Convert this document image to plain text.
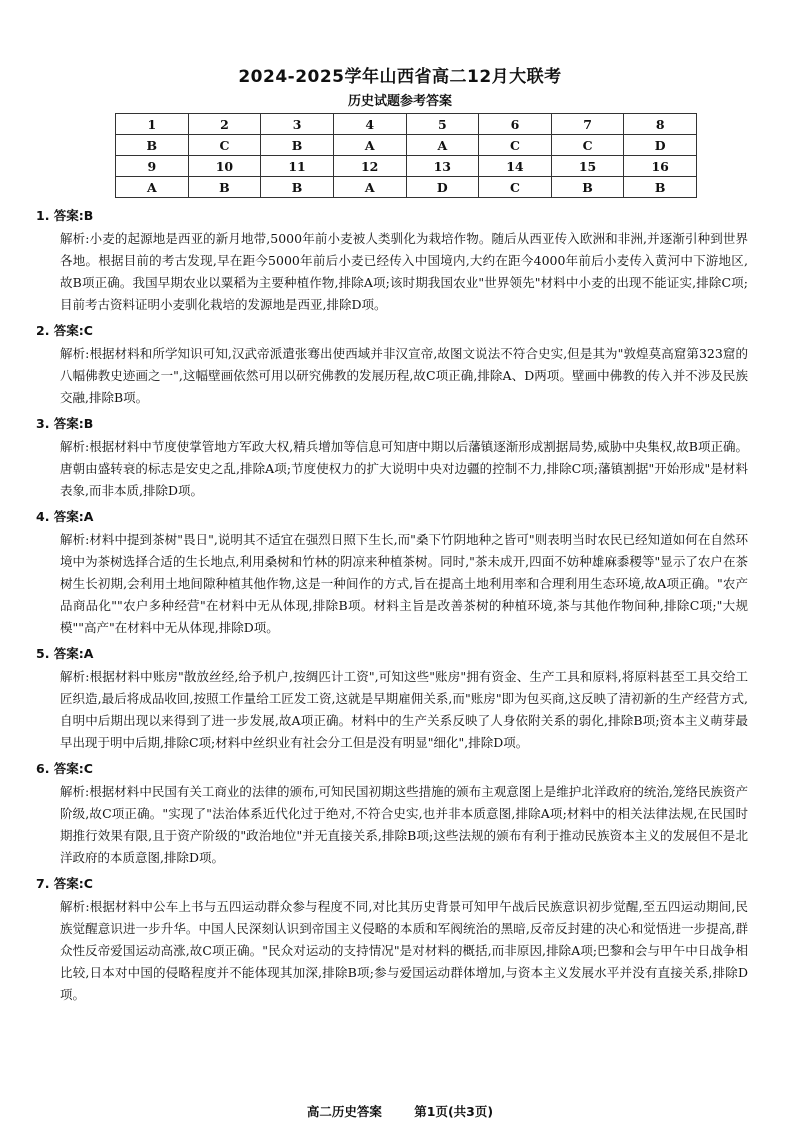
2024-2025学年山西省高二12月大联考
历史试题参考答案
1	2	3	4	5	6	7	8
B	C	B	A	A	C	C	D
9	10	11	12	13	14	15	16
A	B	B	A	D	C	B	B
1. 答案:B
解析:小麦的起源地是西亚的新月地带,5000年前小麦被人类驯化为栽培作物。随后从西亚传入欧洲和非洲,并逐渐引种到世界各地。根据目前的考古发现,早在距今5000年前后小麦已经传入中国境内,大约在距今4000年前后小麦传入黄河中下游地区,故B项正确。我国早期农业以粟稻为主要种植作物,排除A项;该时期我国农业"世界领先"材料中小麦的出现不能证实,排除C项;目前考古资料证明小麦驯化栽培的发源地是西亚,排除D项。
2. 答案:C
解析:根据材料和所学知识可知,汉武帝派遣张骞出使西域并非汉宣帝,故图文说法不符合史实,但是其为"敦煌莫高窟第323窟的八幅佛教史迹画之一",这幅壁画依然可用以研究佛教的发展历程,故C项正确,排除A、D两项。壁画中佛教的传入并不涉及民族交融,排除B项。
3. 答案:B
解析:根据材料中节度使掌管地方军政大权,精兵增加等信息可知唐中期以后藩镇逐渐形成割据局势,威胁中央集权,故B项正确。唐朝由盛转衰的标志是安史之乱,排除A项;节度使权力的扩大说明中央对边疆的控制不力,排除C项;藩镇割据"开始形成"是材料表象,而非本质,排除D项。
4. 答案:A
解析:材料中提到茶树"畏日",说明其不适宜在强烈日照下生长,而"桑下竹阴地种之皆可"则表明当时农民已经知道如何在自然环境中为茶树选择合适的生长地点,利用桑树和竹林的阴凉来种植茶树。同时,"茶未成开,四面不妨种雄麻黍稷等"显示了农户在茶树生长初期,会利用土地间隙种植其他作物,这是一种间作的方式,旨在提高土地利用率和合理利用生态环境,故A项正确。"农产品商品化""农户多种经营"在材料中无从体现,排除B项。材料主旨是改善茶树的种植环境,茶与其他作物间种,排除C项;"大规模""高产"在材料中无从体现,排除D项。
5. 答案:A
解析:根据材料中账房"散放丝经,给予机户,按绸匹计工资",可知这些"账房"拥有资金、生产工具和原料,将原料甚至工具交给工匠织造,最后将成品收回,按照工作量给工匠发工资,这就是早期雇佣关系,而"账房"即为包买商,这反映了清初新的生产经营方式,自明中后期出现以来得到了进一步发展,故A项正确。材料中的生产关系反映了人身依附关系的弱化,排除B项;资本主义萌芽最早出现于明中后期,排除C项;材料中丝织业有社会分工但是没有明显"细化",排除D项。
6. 答案:C
解析:根据材料中民国有关工商业的法律的颁布,可知民国初期这些措施的颁布主观意图上是维护北洋政府的统治,笼络民族资产阶级,故C项正确。"实现了"法治体系近代化过于绝对,不符合史实,也并非本质意图,排除A项;材料中的相关法律法规,在民国时期推行效果有限,且于资产阶级的"政治地位"并无直接关系,排除B项;这些法规的颁布有利于推动民族资本主义的发展但不是北洋政府的本质意图,排除D项。
7. 答案:C
解析:根据材料中公车上书与五四运动群众参与程度不同,对比其历史背景可知甲午战后民族意识初步觉醒,至五四运动期间,民族觉醒意识进一步升华。中国人民深刻认识到帝国主义侵略的本质和军阀统治的黑暗,反帝反封建的决心和觉悟进一步提高,群众性反帝爱国运动高涨,故C项正确。"民众对运动的支持情况"是对材料的概括,而非原因,排除A项;巴黎和会与甲午中日战争相比较,日本对中国的侵略程度并不能体现其加深,排除B项;参与爱国运动群体增加,与资本主义发展水平并没有直接关系,排除D项。
高二历史答案	第1页(共3页)
